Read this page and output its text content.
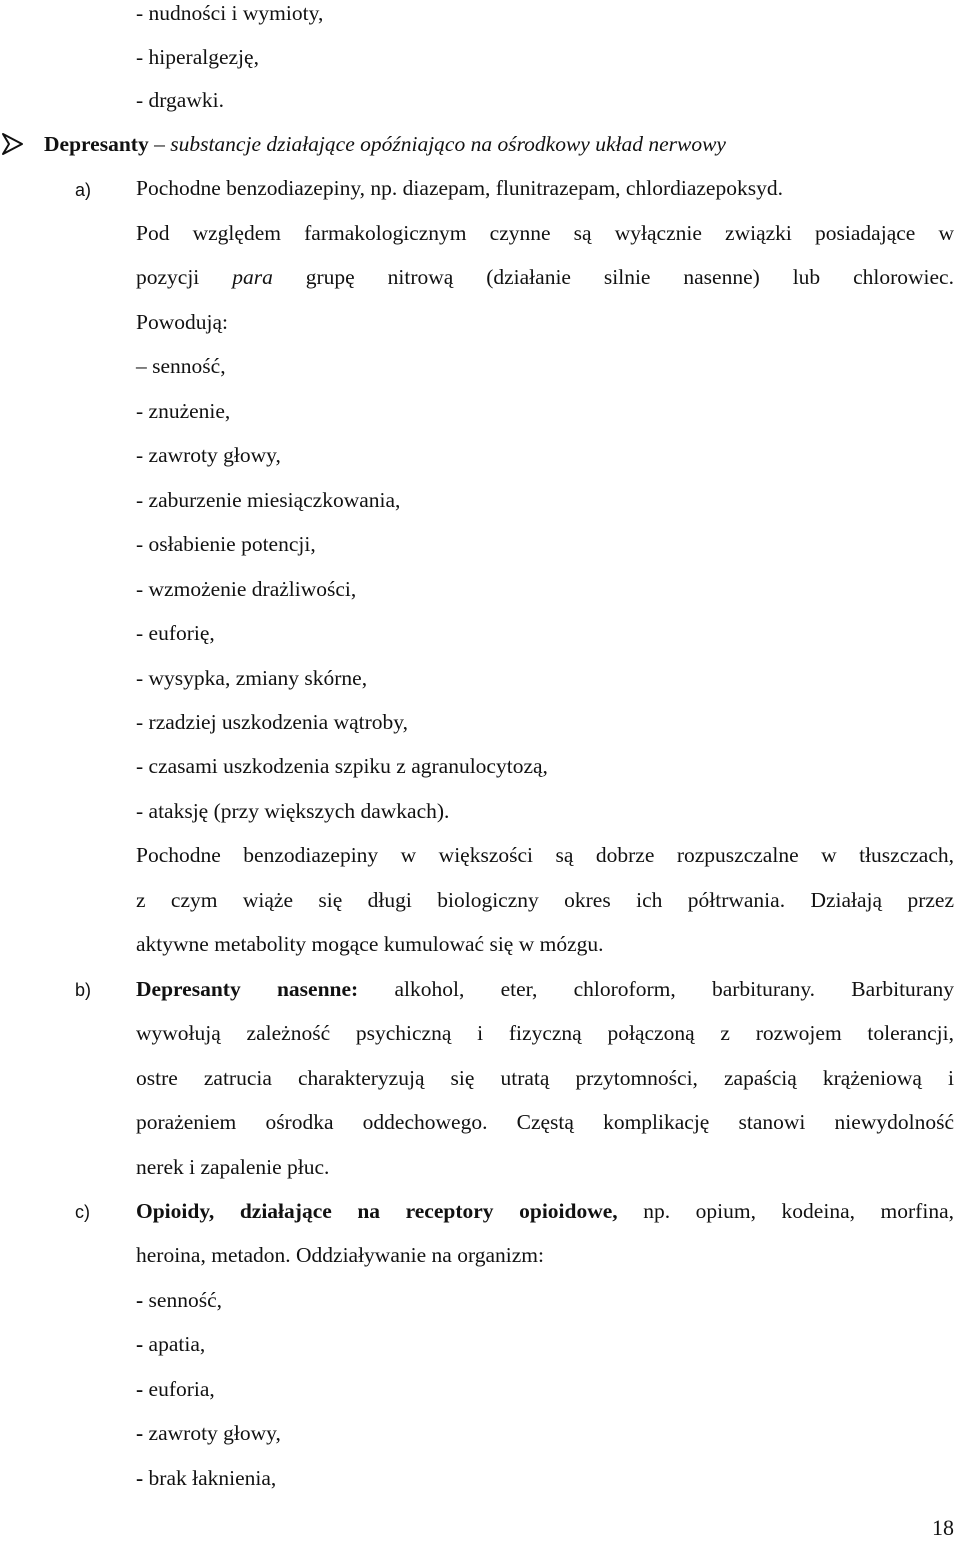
- nudności i wymioty,
- hiperalgezję,
- drgawki.
Depresanty – substancje działające opóźniająco na ośrodkowy układ nerwowy
a) Pochodne benzodiazepiny, np. diazepam, flunitrazepam, chlordiazepoksyd.
Pod względem farmakologicznym czynne są wyłącznie związki posiadające w
pozycji para grupę nitrową (działanie silnie nasenne) lub chlorowiec.
Powodują:
– senność,
- znużenie,
- zawroty głowy,
- zaburzenie miesiączkowania,
- osłabienie potencji,
- wzmożenie drażliwości,
- euforię,
- wysypka, zmiany skórne,
- rzadziej uszkodzenia wątroby,
- czasami uszkodzenia szpiku z agranulocytozą,
- ataksję (przy większych dawkach).
Pochodne benzodiazepiny w większości są dobrze rozpuszczalne w tłuszczach,
z czym wiąże się długi biologiczny okres ich półtrwania. Działają przez
aktywne metabolity mogące kumulować się w mózgu.
b) Depresanty nasenne: alkohol, eter, chloroform, barbiturany. Barbiturany
wywołują zależność psychiczną i fizyczną połączoną z rozwojem tolerancji,
ostre zatrucia charakteryzują się utratą przytomności, zapaścią krążeniową i
porażeniem ośrodka oddechowego. Częstą komplikację stanowi niewydolność
nerek i zapalenie płuc.
c) Opioidy, działające na receptory opioidowe, np. opium, kodeina, morfina,
heroina, metadon. Oddziaływanie na organizm:
- senność,
- apatia,
- euforia,
- zawroty głowy,
- brak łaknienia,
18
